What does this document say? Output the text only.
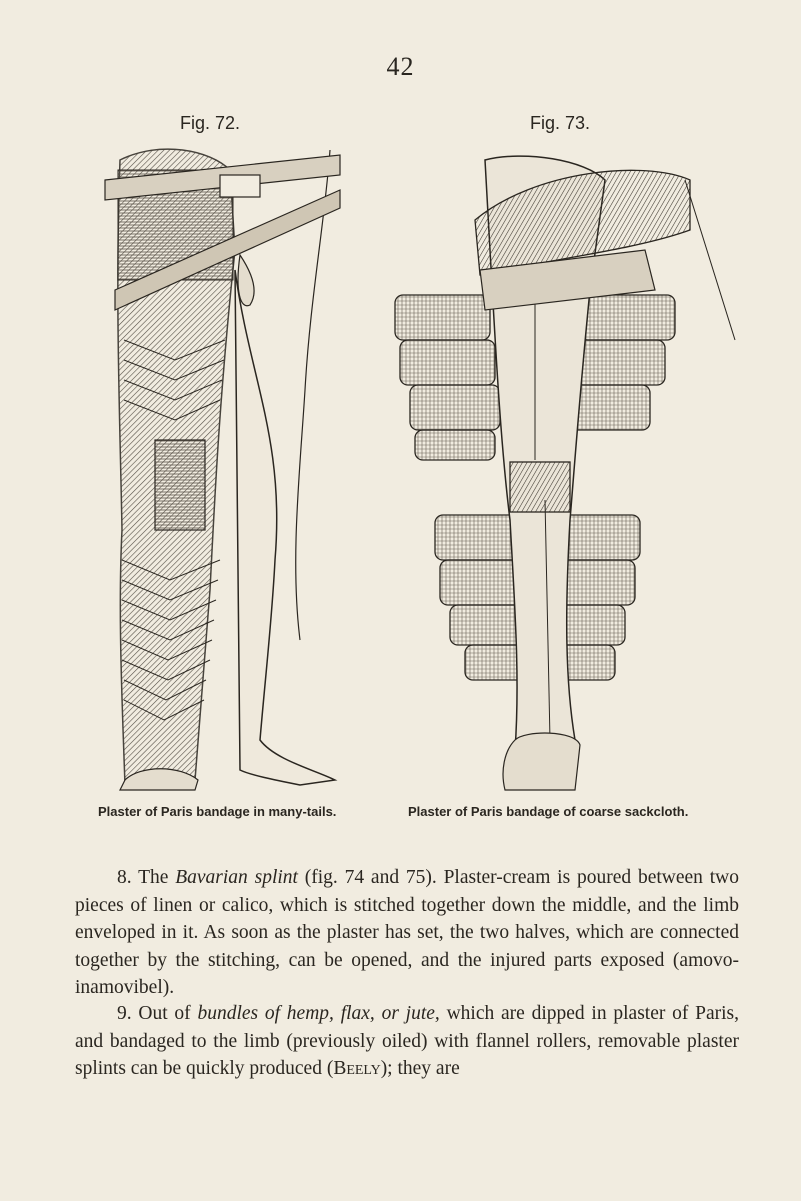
42
Fig. 72.	Fig. 73.
Plaster of Paris bandage in many-tails.	Plaster of Paris bandage of coarse sackcloth.

8. The Bavarian splint (fig. 74 and 75). Plaster-cream is poured between two pieces of linen or calico, which is stitched together down the middle, and the limb enveloped in it. As soon as the plaster has set, the two halves, which are connected together by the stitching, can be opened, and the injured parts exposed (amovo-inamovibel).

9. Out of bundles of hemp, flax, or jute, which are dipped in plaster of Paris, and bandaged to the limb (previously oiled) with flannel rollers, removable plaster splints can be quickly produced (Beely); they are
